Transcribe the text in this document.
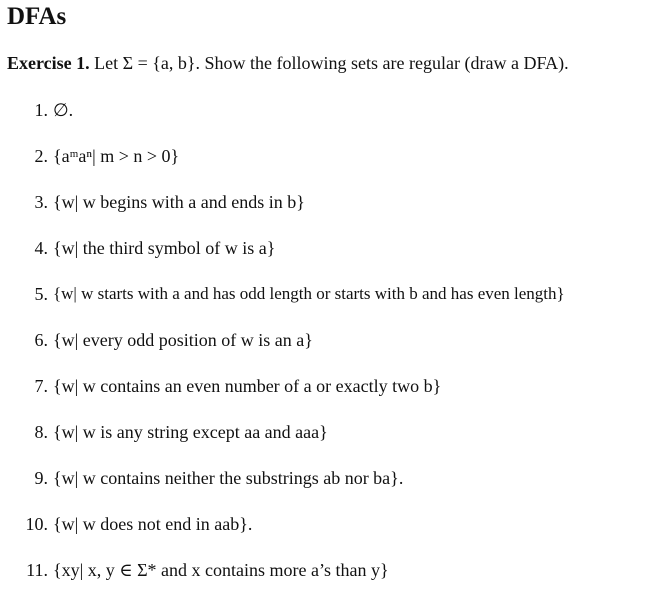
DFAs
Exercise 1. Let Σ = {a, b}. Show the following sets are regular (draw a DFA).
1. ∅.
2. {aᵐaⁿ| m > n > 0}
3. {w| w begins with a and ends in b}
4. {w| the third symbol of w is a}
5. {w| w starts with a and has odd length or starts with b and has even length}
6. {w| every odd position of w is an a}
7. {w| w contains an even number of a or exactly two b}
8. {w| w is any string except aa and aaa}
9. {w| w contains neither the substrings ab nor ba}.
10. {w| w does not end in aab}.
11. {xy| x, y ∈ Σ* and x contains more a’s than y}
